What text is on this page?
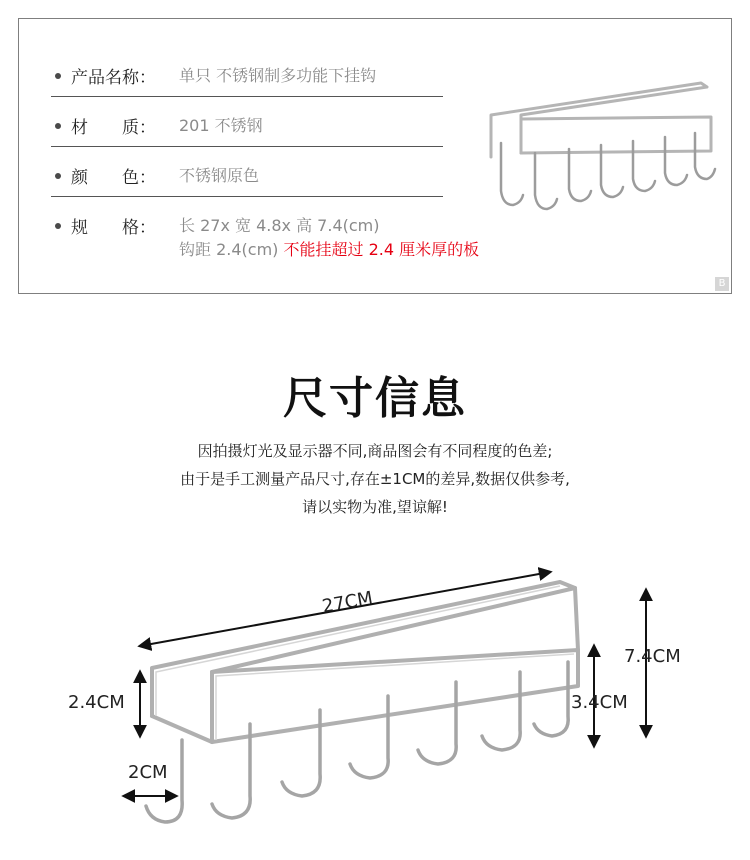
产品名称： 单只 不锈钢制多功能下挂钩
材　　质： 201 不锈钢
颜　　色： 不锈钢原色
规　　格： 长 27x 宽 4.8x 高 7.4(cm)
钩距 2.4(cm) 不能挂超过 2.4 厘米厚的板
B
尺寸信息
因拍摄灯光及显示器不同,商品图会有不同程度的色差;
由于是手工测量产品尺寸,存在±1CM的差异,数据仅供参考,
请以实物为准,望谅解!
27CM
7.4CM
2.4CM	3.4CM
2CM
